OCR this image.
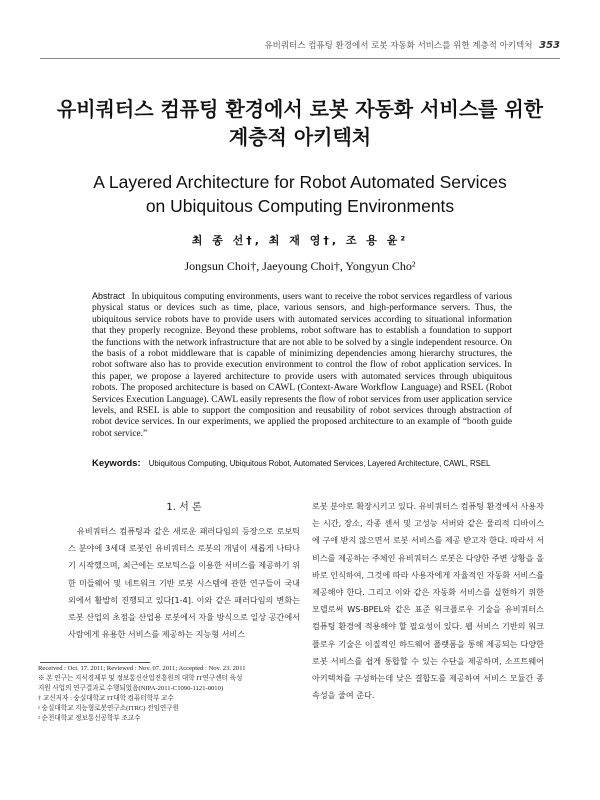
유비쿼터스 컴퓨팅 환경에서 로봇 자동화 서비스를 위한 계층적 아키텍처 353
유비쿼터스 컴퓨팅 환경에서 로봇 자동화 서비스를 위한
계층적 아키텍처
A Layered Architecture for Robot Automated Services
on Ubiquitous Computing Environments
최 종 선†, 최 재 영†, 조 용 윤²
Jongsun Choi†, Jaeyoung Choi†, Yongyun Cho²
Abstract In ubiquitous computing environments, users want to receive the robot services regardless of various physical status or devices such as time, place, various sensors, and high-performance servers. Thus, the ubiquitous service robots have to provide users with automated services according to situational information that they properly recognize. Beyond these problems, robot software has to establish a foundation to support the functions with the network infrastructure that are not able to be solved by a single independent resource. On the basis of a robot middleware that is capable of minimizing dependencies among hierarchy structures, the robot software also has to provide execution environment to control the flow of robot application services. In this paper, we propose a layered architecture to provide users with automated services through ubiquitous robots. The proposed architecture is based on CAWL (Context-Aware Workflow Language) and RSEL (Robot Services Execution Language). CAWL easily represents the flow of robot services from user application service levels, and RSEL is able to support the composition and reusability of robot services through abstraction of robot device services. In our experiments, we applied the proposed architecture to an example of “booth guide robot service.”
Keywords: Ubiquitous Computing, Ubiquitous Robot, Automated Services, Layered Architecture, CAWL, RSEL
1. 서 론

유비쿼터스 컴퓨팅과 같은 새로운 패러다임의 등장으로 로보틱스 분야에 3세대 로봇인 유비쿼터스 로봇의 개념이 새롭게 나타나기 시작했으며, 최근에는 로보틱스을 이용한 서비스를 제공하기 위한 미들웨어 및 네트워크 기반 로봇 시스템에 관한 연구들이 국내외에서 활발히 진행되고 있다[1-4]. 이와 같은 패러다임의 변화는 로봇 산업의 초점을 산업용 로봇에서 자율 방식으로 일상 공간에서 사람에게 유용한 서비스를 제공하는 지능형 서비스

로봇 분야로 확장시키고 있다. 유비쿼터스 컴퓨팅 환경에서 사용자는 시간, 장소, 각종 센서 및 고성능 서버와 같은 물리적 디바이스에 구애 받지 않으면서 로봇 서비스를 제공 받고자 한다. 따라서 서비스를 제공하는 주체인 유비쿼터스 로봇은 다양한 주변 상황을 올바로 인식하여, 그것에 따라 사용자에게 자율적인 자동화 서비스를 제공해야 한다. 그리고 이와 같은 자동화 서비스를 실현하기 위한 모델로써 WS-BPEL와 같은 표준 워크플로우 기술을 유비쿼터스 컴퓨팅 환경에 적용해야 할 필요성이 있다. 웹 서비스 기반의 워크플로우 기술은 이질적인 하드웨어 플랫폼을 통해 제공되는 다양한 로봇 서비스를 쉽게 통합할 수 있는 수단을 제공하며, 소프트웨어 아키텍처를 구성하는데 낮은 결합도를 제공하여 서비스 모듈간 종속성을 줄여 준다.

Received : Oct. 17. 2011; Reviewed : Nov. 07. 2011; Accepted : Nov. 23. 2011
※ 본 연구는 지식경제부 및 정보통신산업진흥원의 대학 IT연구센터 육성
지원 사업의 연구결과로 수행되었음(NIPA-2011-C1090-1121-0010)
† 교신저자 : 숭실대학교 IT대학 컴퓨터학부 교수
¹ 숭실대학교 지능형로봇연구소(ITRC) 전임연구원
² 순천대학교 정보통신공학부 조교수
